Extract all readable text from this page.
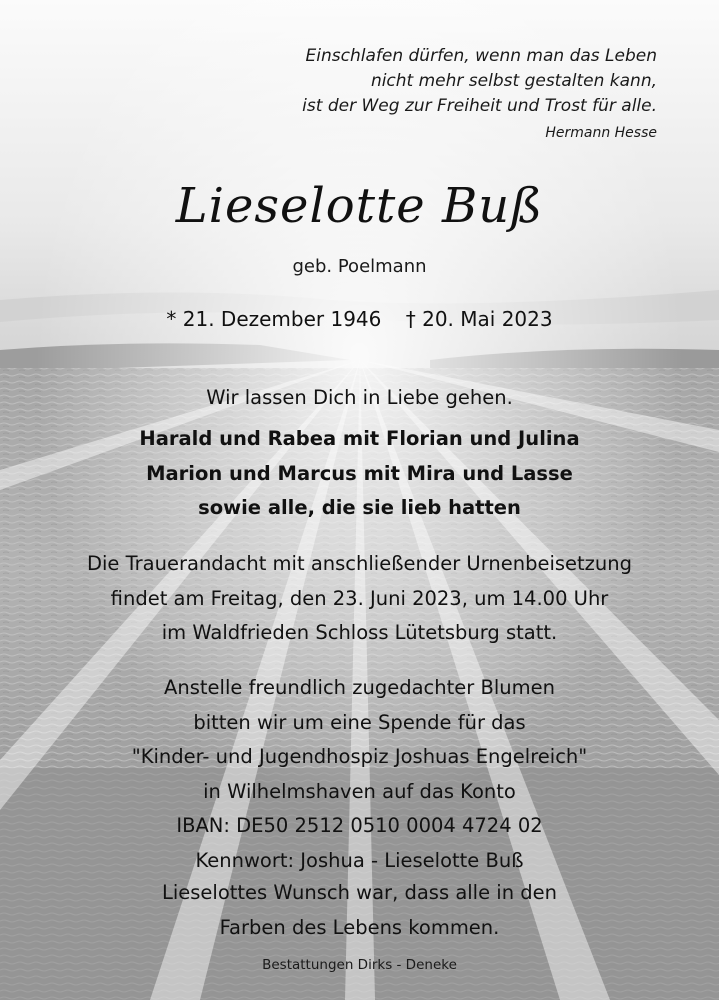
Einschlafen dürfen, wenn man das Leben
nicht mehr selbst gestalten kann,
ist der Weg zur Freiheit und Trost für alle.
Hermann Hesse
Lieselotte Buß
geb. Poelmann
* 21. Dezember 1946 † 20. Mai 2023
Wir lassen Dich in Liebe gehen.
Harald und Rabea mit Florian und Julina
Marion und Marcus mit Mira und Lasse
sowie alle, die sie lieb hatten
Die Trauerandacht mit anschließender Urnenbeisetzung
findet am Freitag, den 23. Juni 2023, um 14.00 Uhr
im Waldfrieden Schloss Lütetsburg statt.
Anstelle freundlich zugedachter Blumen
bitten wir um eine Spende für das
"Kinder- und Jugendhospiz Joshuas Engelreich"
in Wilhelmshaven auf das Konto
IBAN: DE50 2512 0510 0004 4724 02
Kennwort: Joshua - Lieselotte Buß
Lieselottes Wunsch war, dass alle in den
Farben des Lebens kommen.
Bestattungen Dirks - Deneke
